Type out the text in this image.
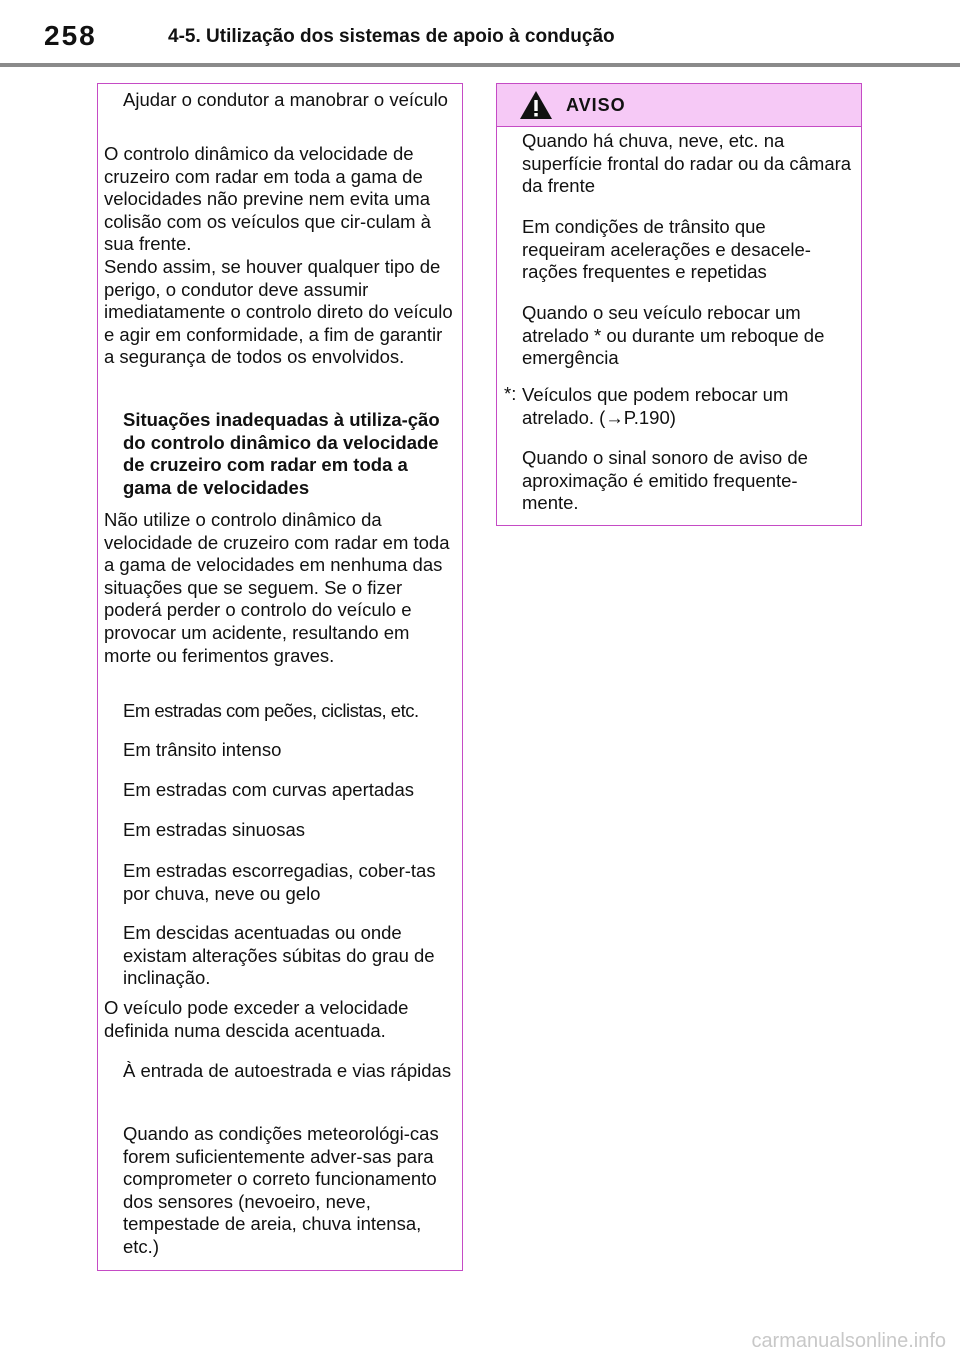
258	4-5. Utilização dos sistemas de apoio à condução

Ajudar o condutor a manobrar o veículo

O controlo dinâmico da velocidade de cruzeiro com radar em toda a gama de velocidades não previne nem evita uma colisão com os veículos que cir-culam à sua frente.

Sendo assim, se houver qualquer tipo de perigo, o condutor deve assumir imediatamente o controlo direto do veículo e agir em conformidade, a fim de garantir a segurança de todos os envolvidos.

Situações inadequadas à utiliza-ção do controlo dinâmico da velocidade de cruzeiro com radar em toda a gama de velocidades

Não utilize o controlo dinâmico da velocidade de cruzeiro com radar em toda a gama de velocidades em nenhuma das situações que se seguem. Se o fizer poderá perder o controlo do veículo e provocar um acidente, resultando em morte ou ferimentos graves.

Em estradas com peões, ciclistas, etc.

Em trânsito intenso

Em estradas com curvas apertadas

Em estradas sinuosas

Em estradas escorregadias, cober-tas por chuva, neve ou gelo

Em descidas acentuadas ou onde existam alterações súbitas do grau de inclinação.

O veículo pode exceder a velocidade definida numa descida acentuada.

À entrada de autoestrada e vias rápidas

Quando as condições meteorológi-cas forem suficientemente adver-sas para comprometer o correto funcionamento dos sensores (nevoeiro, neve, tempestade de areia, chuva intensa, etc.)

AVISO

Quando há chuva, neve, etc. na superfície frontal do radar ou da câmara da frente

Em condições de trânsito que requeiram acelerações e desacele-rações frequentes e repetidas

Quando o seu veículo rebocar um atrelado * ou durante um reboque de emergência

*: Veículos que podem rebocar um atrelado. (→P.190)

Quando o sinal sonoro de aviso de aproximação é emitido frequente-mente.

carmanualsonline.info
